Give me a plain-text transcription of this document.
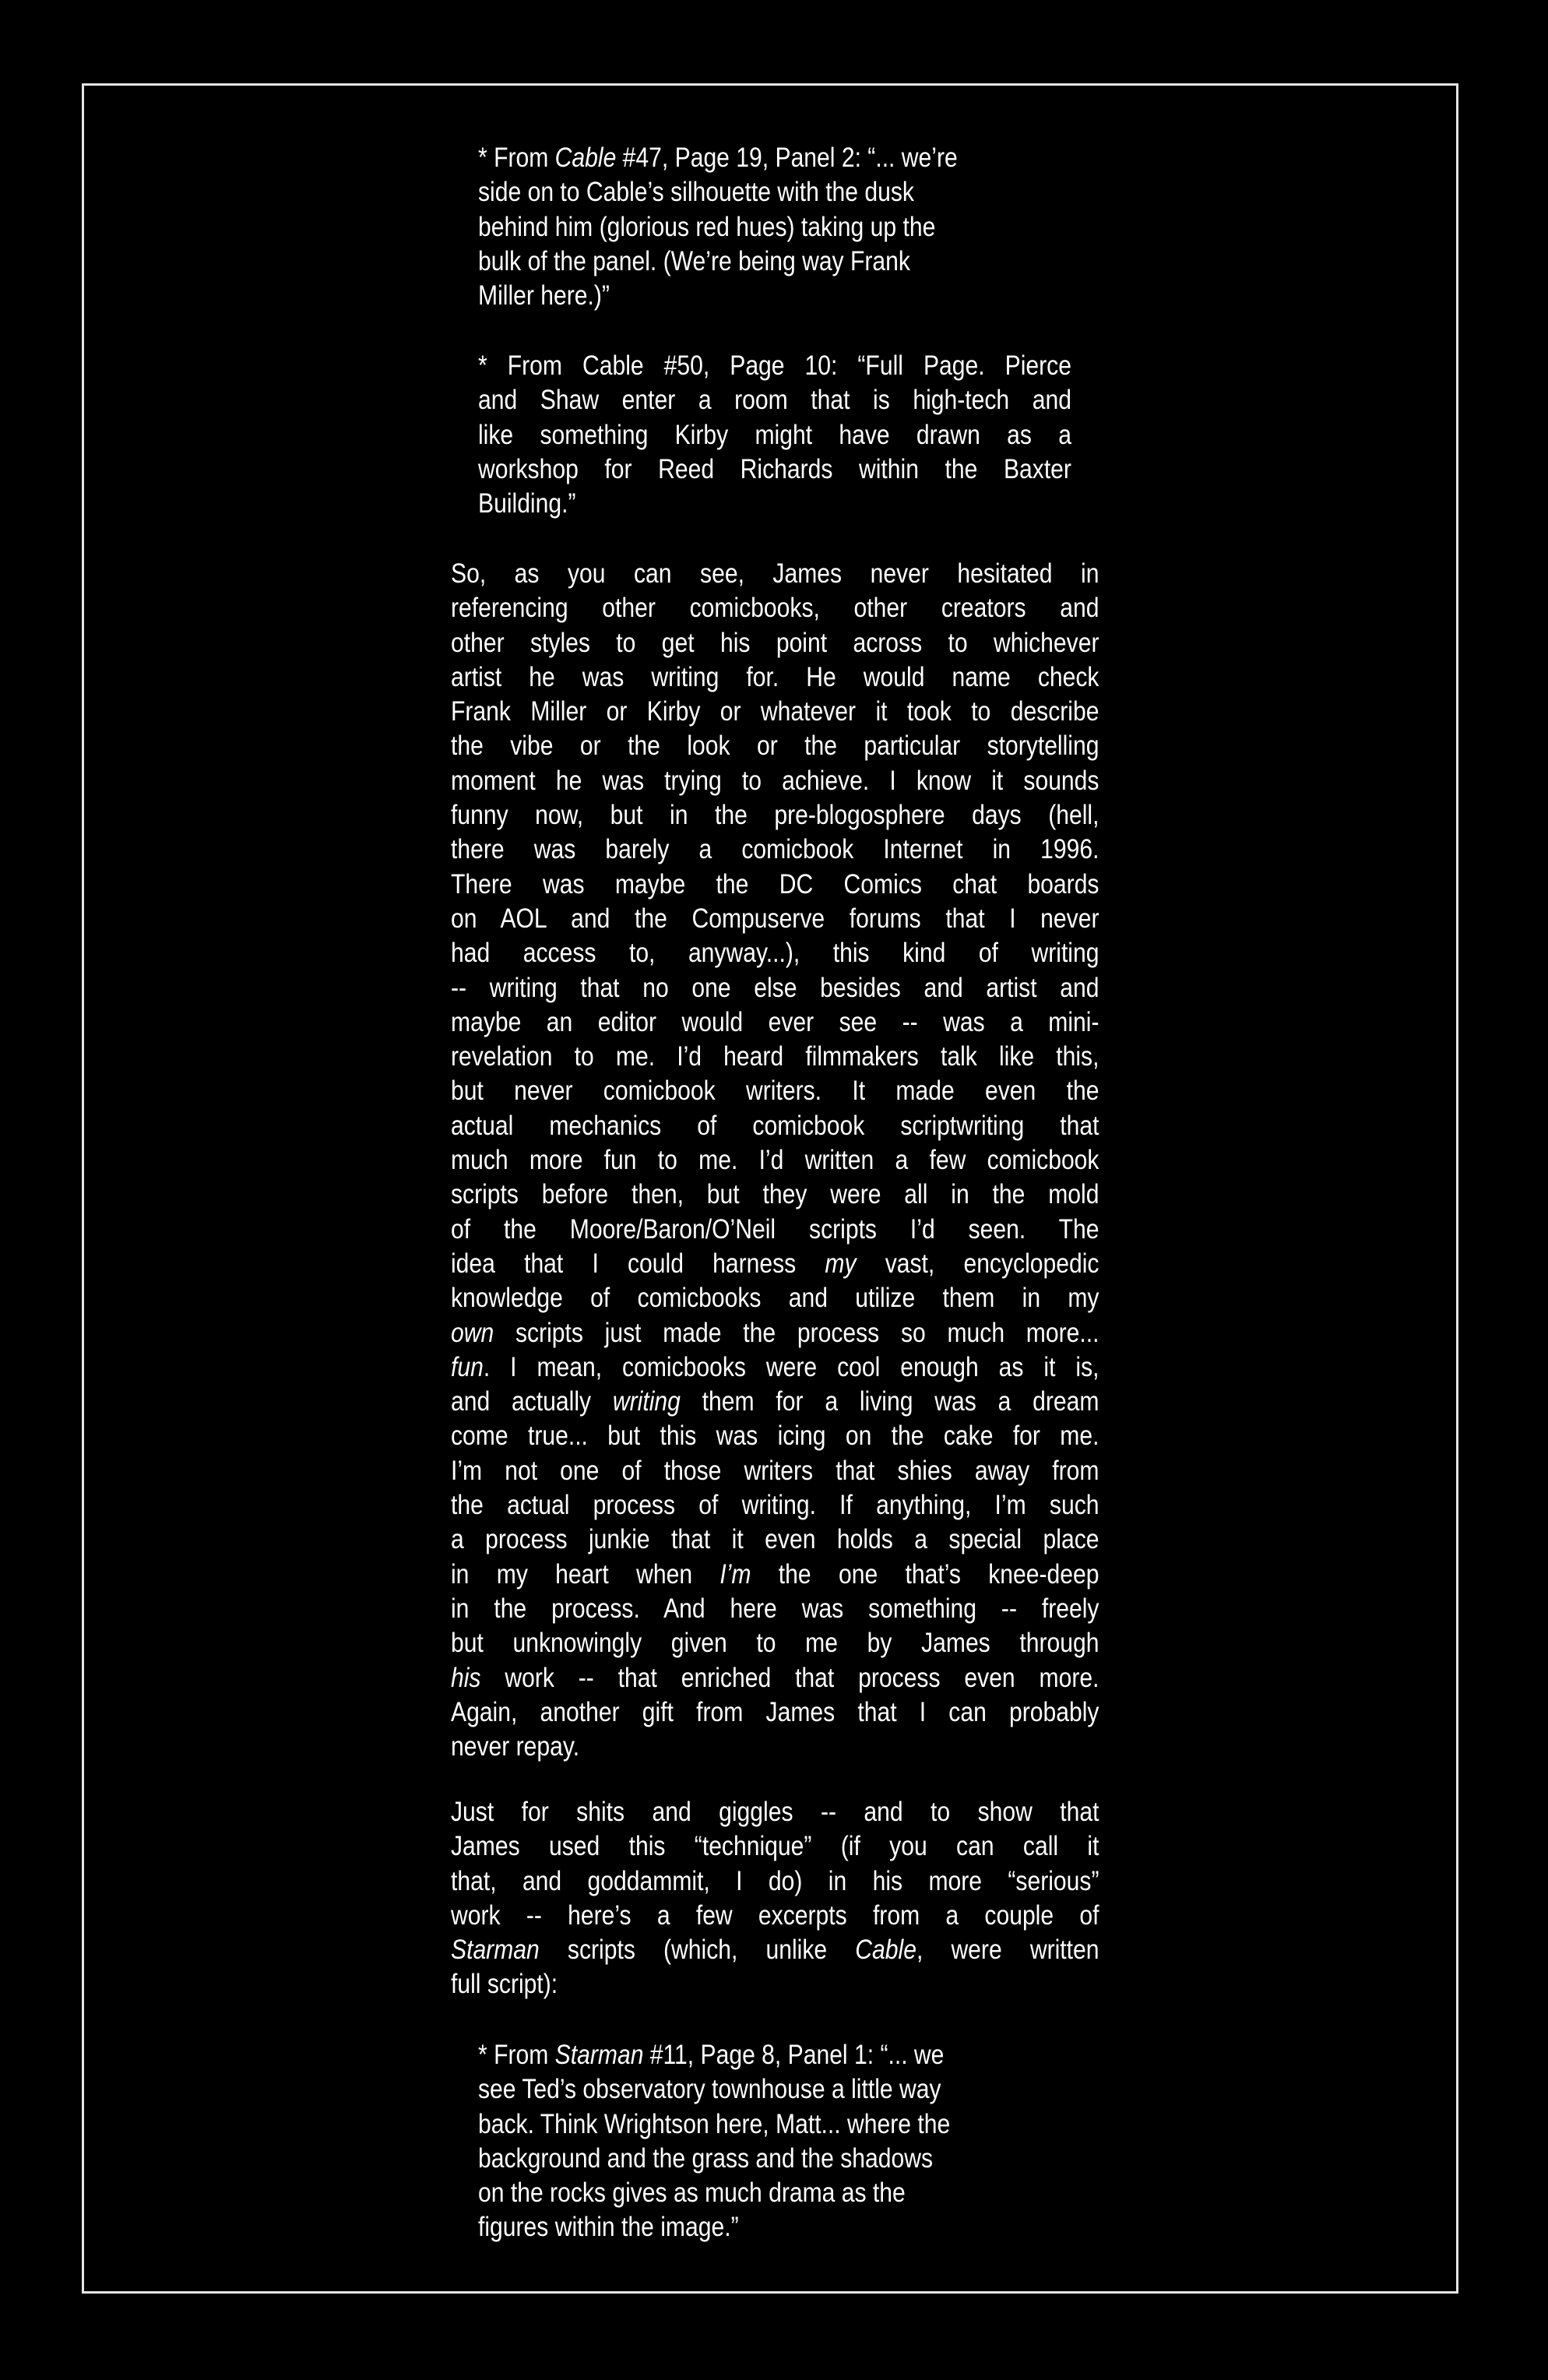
* From Cable #47, Page 19, Panel 2: “... we’re
side on to Cable’s silhouette with the dusk
behind him (glorious red hues) taking up the
bulk of the panel. (We’re being way Frank
Miller here.)”
* From Cable #50, Page 10: “Full Page. Pierce
and Shaw enter a room that is high-tech and
like something Kirby might have drawn as a
workshop for Reed Richards within the Baxter
Building.”
So, as you can see, James never hesitated in
referencing other comicbooks, other creators and
other styles to get his point across to whichever
artist he was writing for. He would name check
Frank Miller or Kirby or whatever it took to describe
the vibe or the look or the particular storytelling
moment he was trying to achieve. I know it sounds
funny now, but in the pre-blogosphere days (hell,
there was barely a comicbook Internet in 1996.
There was maybe the DC Comics chat boards
on AOL and the Compuserve forums that I never
had access to, anyway...), this kind of writing
-- writing that no one else besides and artist and
maybe an editor would ever see -- was a mini-
revelation to me. I’d heard filmmakers talk like this,
but never comicbook writers. It made even the
actual mechanics of comicbook scriptwriting that
much more fun to me. I’d written a few comicbook
scripts before then, but they were all in the mold
of the Moore/Baron/O’Neil scripts I’d seen. The
idea that I could harness my vast, encyclopedic
knowledge of comicbooks and utilize them in my
own scripts just made the process so much more...
fun. I mean, comicbooks were cool enough as it is,
and actually writing them for a living was a dream
come true... but this was icing on the cake for me.
I’m not one of those writers that shies away from
the actual process of writing. If anything, I’m such
a process junkie that it even holds a special place
in my heart when I’m the one that’s knee-deep
in the process. And here was something -- freely
but unknowingly given to me by James through
his work -- that enriched that process even more.
Again, another gift from James that I can probably
never repay.
Just for shits and giggles -- and to show that
James used this “technique” (if you can call it
that, and goddammit, I do) in his more “serious”
work -- here’s a few excerpts from a couple of
Starman scripts (which, unlike Cable, were written
full script):
* From Starman #11, Page 8, Panel 1: “... we
see Ted’s observatory townhouse a little way
back. Think Wrightson here, Matt... where the
background and the grass and the shadows
on the rocks gives as much drama as the
figures within the image.”
